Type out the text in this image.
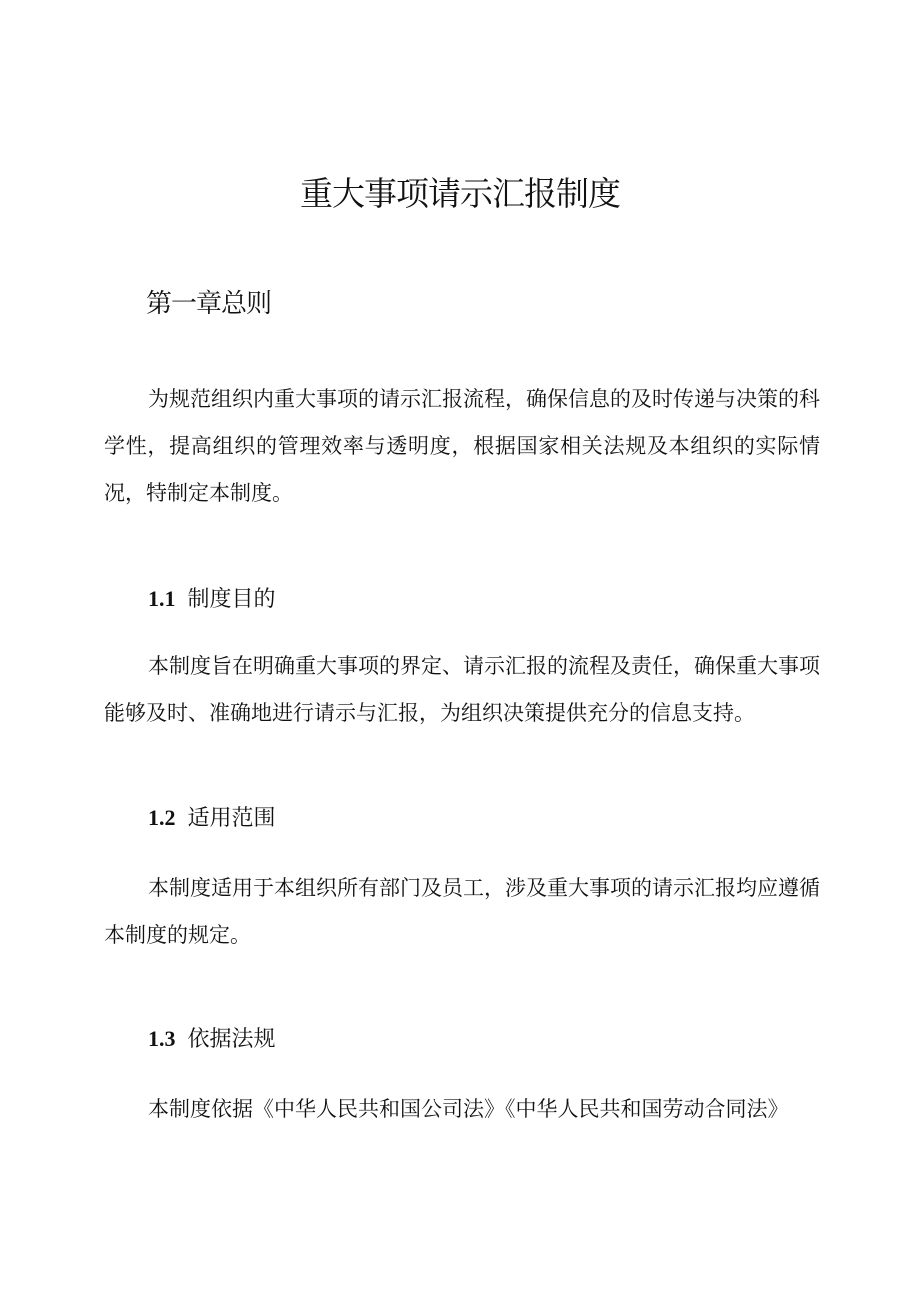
重大事项请示汇报制度
第一章总则

为规范组织内重大事项的请示汇报流程，确保信息的及时传递与决策的科学性，提高组织的管理效率与透明度，根据国家相关法规及本组织的实际情况，特制定本制度。

1.1 制度目的

本制度旨在明确重大事项的界定、请示汇报的流程及责任，确保重大事项能够及时、准确地进行请示与汇报，为组织决策提供充分的信息支持。

1.2 适用范围

本制度适用于本组织所有部门及员工，涉及重大事项的请示汇报均应遵循本制度的规定。

1.3 依据法规

本制度依据《中华人民共和国公司法》《中华人民共和国劳动合同法》
